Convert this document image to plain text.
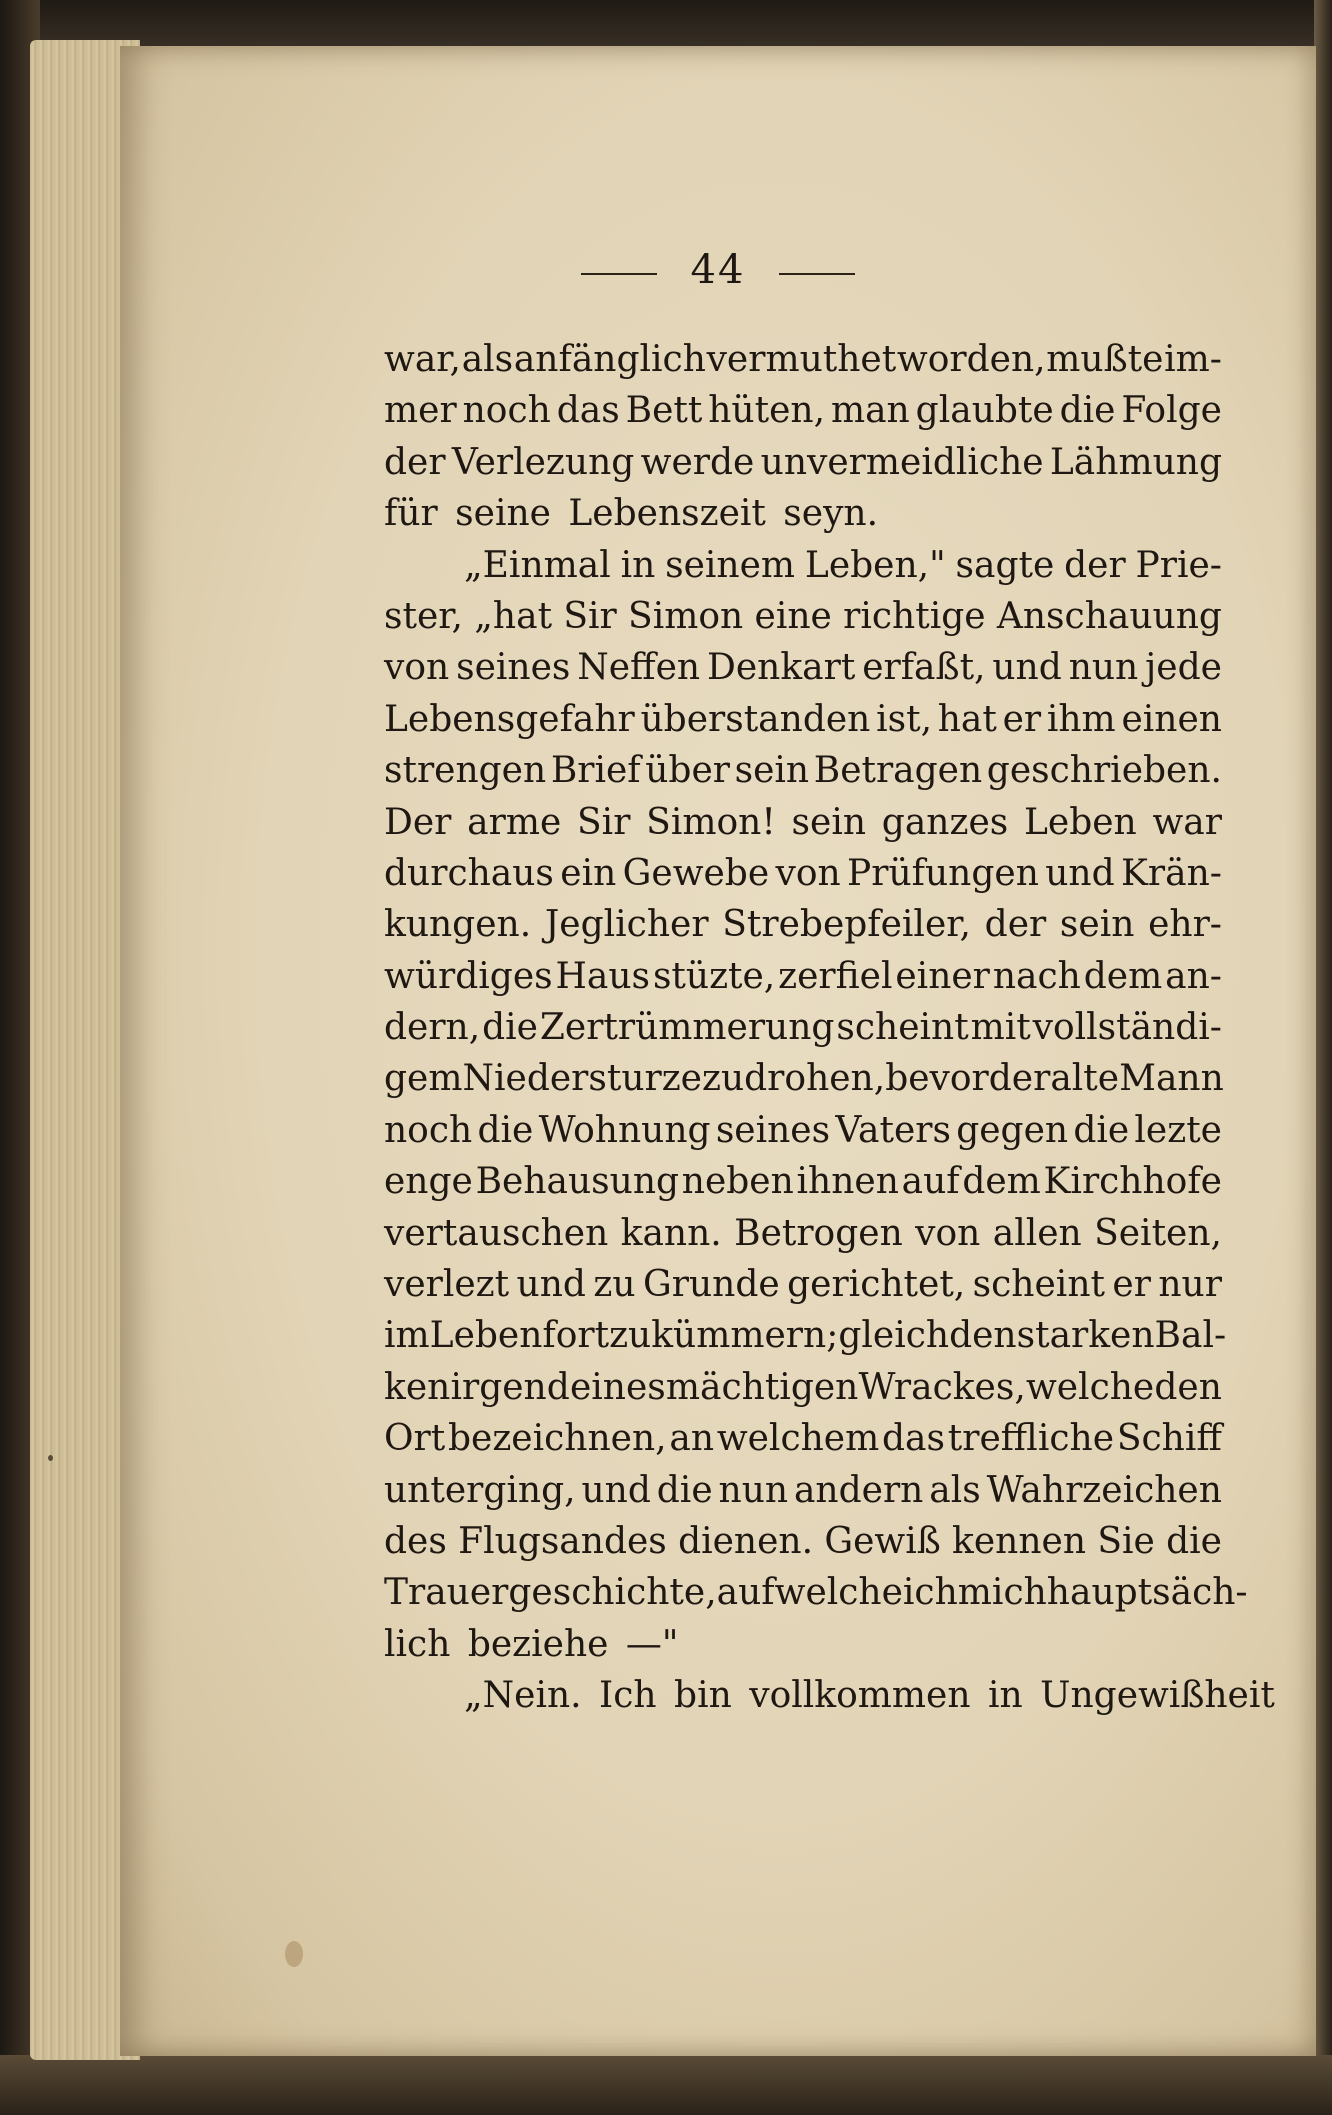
44
war, als anfänglich vermuthet worden, mußte im-
mer noch das Bett hüten, man glaubte die Folge
der Verlezung werde unvermeidliche Lähmung
für seine Lebenszeit seyn.
„Einmal in seinem Leben," sagte der Prie-
ster, „hat Sir Simon eine richtige Anschauung
von seines Neffen Denkart erfaßt, und nun jede
Lebensgefahr überstanden ist, hat er ihm einen
strengen Brief über sein Betragen geschrieben.
Der arme Sir Simon! sein ganzes Leben war
durchaus ein Gewebe von Prüfungen und Krän-
kungen. Jeglicher Strebepfeiler, der sein ehr-
würdiges Haus stüzte, zerfiel einer nach dem an-
dern, die Zertrümmerung scheint mit vollständi-
gem Niedersturze zu drohen, bevor der alte Mann
noch die Wohnung seines Vaters gegen die lezte
enge Behausung neben ihnen auf dem Kirchhofe
vertauschen kann. Betrogen von allen Seiten,
verlezt und zu Grunde gerichtet, scheint er nur
im Leben fortzukümmern; gleich den starken Bal-
ken irgend eines mächtigen Wrackes, welche den
Ort bezeichnen, an welchem das treffliche Schiff
unterging, und die nun andern als Wahrzeichen
des Flugsandes dienen. Gewiß kennen Sie die
Trauergeschichte, auf welche ich mich hauptsäch-
lich beziehe —"
„Nein. Ich bin vollkommen in Ungewißheit
